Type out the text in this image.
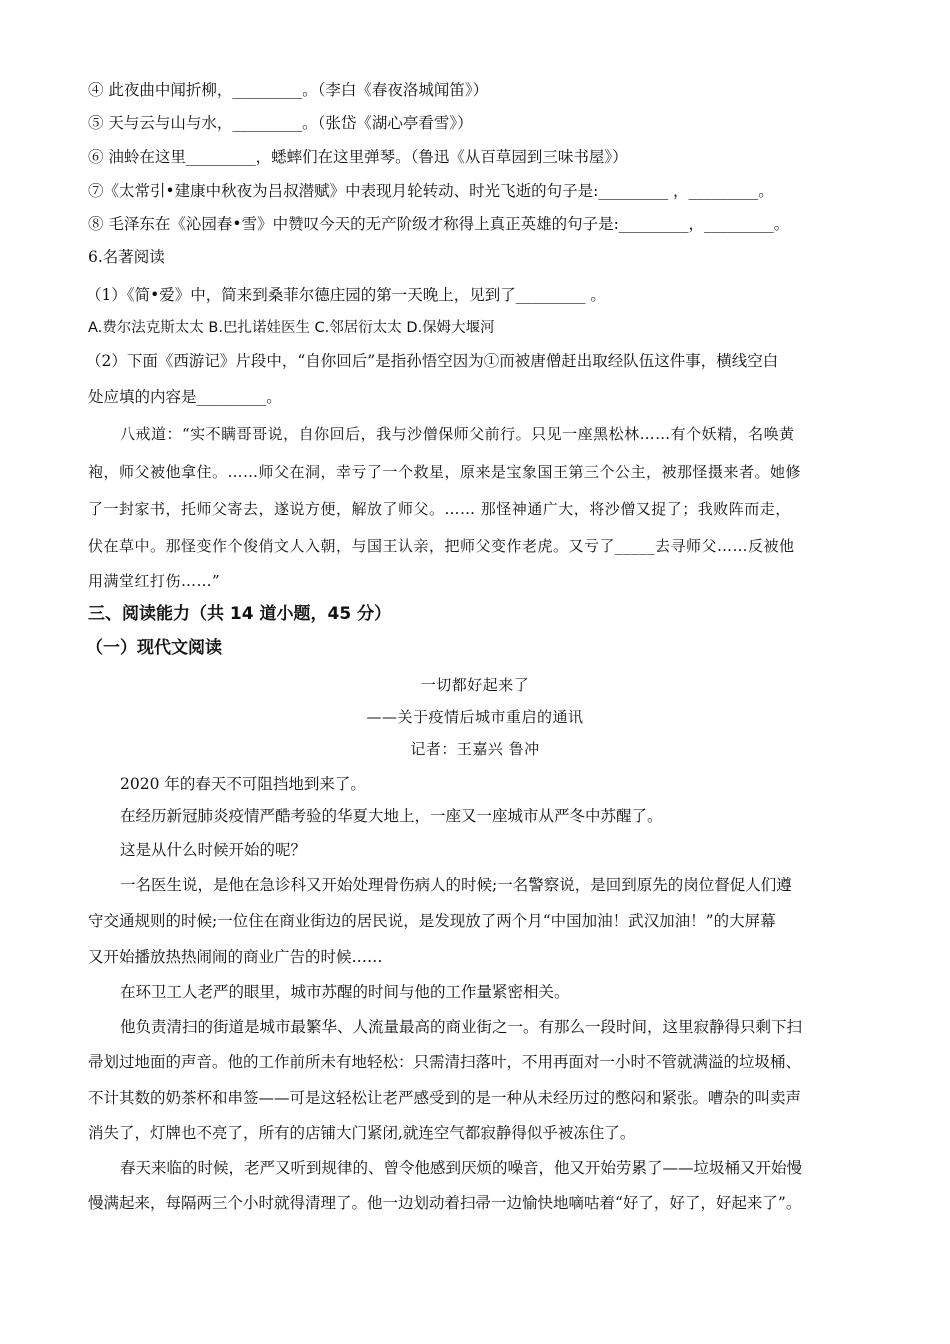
④ 此夜曲中闻折柳，_________。（李白《春夜洛城闻笛》）
⑤ 天与云与山与水，_________。（张岱《湖心亭看雪》）
⑥ 油蛉在这里_________，蟋蟀们在这里弹琴。（鲁迅《从百草园到三味书屋》）
⑦《太常引•建康中秋夜为吕叔潜赋》中表现月轮转动、时光飞逝的句子是:_________ ，_________。
⑧ 毛泽东在《沁园春•雪》中赞叹今天的无产阶级才称得上真正英雄的句子是:_________，_________。
6.名著阅读
（1）《简•爱》中，简来到桑菲尔德庄园的第一天晚上，见到了_________ 。
A.费尔法克斯太太 B.巴扎诺娃医生 C.邻居衍太太 D.保姆大堰河
（2）下面《西游记》片段中，“自你回后”是指孙悟空因为①而被唐僧赶出取经队伍这件事，横线空白
处应填的内容是_________。
八戒道：“实不瞒哥哥说，自你回后，我与沙僧保师父前行。只见一座黑松林……有个妖精，名唤黄
袍，师父被他拿住。……师父在洞，幸亏了一个救星，原来是宝象国王第三个公主，被那怪摄来者。她修
了一封家书，托师父寄去，遂说方便，解放了师父。…… 那怪神通广大，将沙僧又捉了；我败阵而走，
伏在草中。那怪变作个俊俏文人入朝，与国王认亲，把师父变作老虎。又亏了_____去寻师父……反被他
用满堂红打伤……”
三、阅读能力（共 14 道小题，45 分）
（一）现代文阅读
一切都好起来了
——关于疫情后城市重启的通讯
记者：王嘉兴 鲁冲
2020 年的春天不可阻挡地到来了。
在经历新冠肺炎疫情严酷考验的华夏大地上，一座又一座城市从严冬中苏醒了。
这是从什么时候开始的呢？
一名医生说，是他在急诊科又开始处理骨伤病人的时候;一名警察说，是回到原先的岗位督促人们遵
守交通规则的时候;一位住在商业街边的居民说，是发现放了两个月“中国加油！武汉加油！”的大屏幕
又开始播放热热闹闹的商业广告的时候……
在环卫工人老严的眼里，城市苏醒的时间与他的工作量紧密相关。
他负责清扫的街道是城市最繁华、人流量最高的商业街之一。有那么一段时间，这里寂静得只剩下扫
帚划过地面的声音。他的工作前所未有地轻松：只需清扫落叶，不用再面对一小时不管就满溢的垃圾桶、
不计其数的奶茶杯和串签——可是这轻松让老严感受到的是一种从未经历过的憋闷和紧张。嘈杂的叫卖声
消失了，灯牌也不亮了，所有的店铺大门紧闭,就连空气都寂静得似乎被冻住了。
春天来临的时候，老严又听到规律的、曾令他感到厌烦的噪音，他又开始劳累了——垃圾桶又开始慢
慢满起来，每隔两三个小时就得清理了。他一边划动着扫帚一边愉快地嘀咕着“好了，好了，好起来了”。
